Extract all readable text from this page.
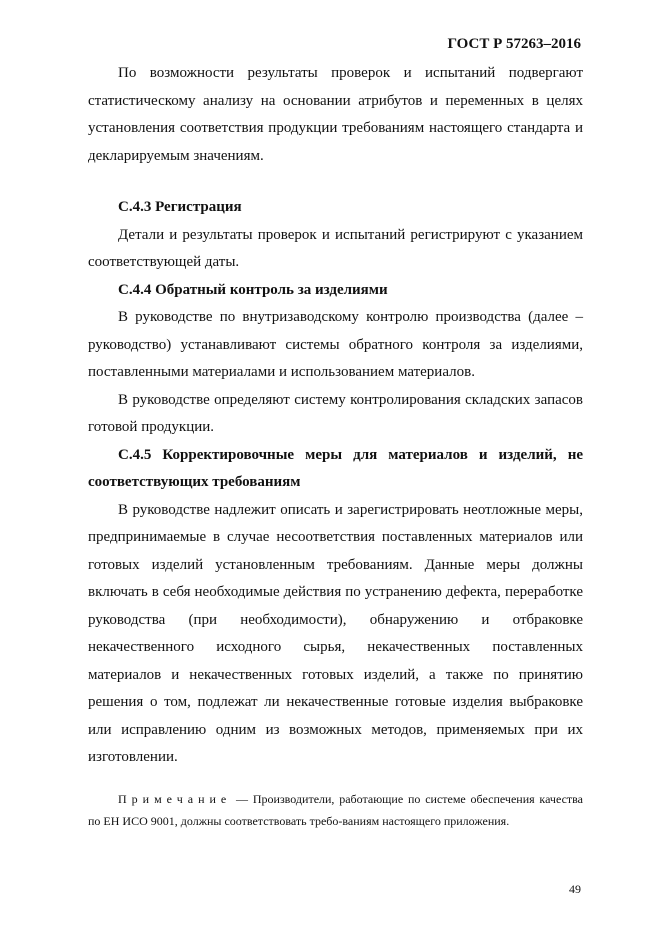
ГОСТ Р 57263–2016

По возможности результаты проверок и испытаний подвергают статистическому анализу на основании атрибутов и переменных в целях установления соответствия продукции требованиям настоящего стандарта и декларируемым значениям.

С.4.3 Регистрация

Детали и результаты проверок и испытаний регистрируют с указанием соответствующей даты.

С.4.4 Обратный контроль за изделиями

В руководстве по внутризаводскому контролю производства (далее – руководство) устанавливают системы обратного контроля за изделиями, поставленными материалами и использованием материалов.

В руководстве определяют систему контролирования складских запасов готовой продукции.

С.4.5 Корректировочные меры для материалов и изделий, не соответствующих требованиям

В руководстве надлежит описать и зарегистрировать неотложные меры, предпринимаемые в случае несоответствия поставленных материалов или готовых изделий установленным требованиям. Данные меры должны включать в себя необходимые действия по устранению дефекта, переработке руководства (при необходимости), обнаружению и отбраковке некачественного исходного сырья, некачественных поставленных материалов и некачественных готовых изделий, а также по принятию решения о том, подлежат ли некачественные готовые изделия выбраковке или исправлению одним из возможных методов, применяемых при их изготовлении.

Примечание — Производители, работающие по системе обеспечения качества по ЕН ИСО 9001, должны соответствовать требо-ваниям настоящего приложения.

49
